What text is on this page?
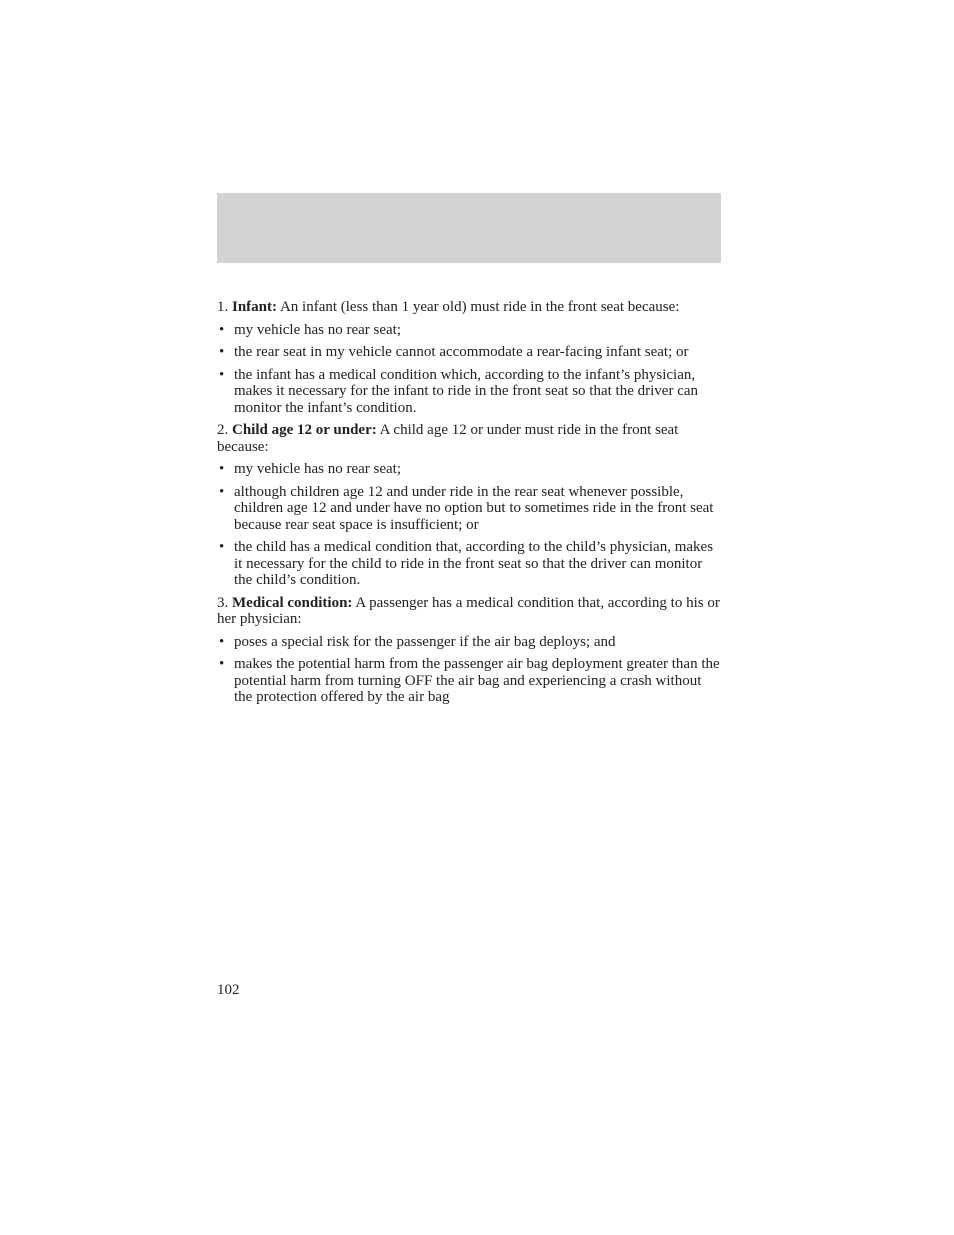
1. Infant: An infant (less than 1 year old) must ride in the front seat because:

• my vehicle has no rear seat;
• the rear seat in my vehicle cannot accommodate a rear-facing infant seat; or
• the infant has a medical condition which, according to the infant’s physician, makes it necessary for the infant to ride in the front seat so that the driver can monitor the infant’s condition.

2. Child age 12 or under: A child age 12 or under must ride in the front seat because:

• my vehicle has no rear seat;
• although children age 12 and under ride in the rear seat whenever possible, children age 12 and under have no option but to sometimes ride in the front seat because rear seat space is insufficient; or
• the child has a medical condition that, according to the child’s physician, makes it necessary for the child to ride in the front seat so that the driver can monitor the child’s condition.

3. Medical condition: A passenger has a medical condition that, according to his or her physician:

• poses a special risk for the passenger if the air bag deploys; and
• makes the potential harm from the passenger air bag deployment greater than the potential harm from turning OFF the air bag and experiencing a crash without the protection offered by the air bag
102
